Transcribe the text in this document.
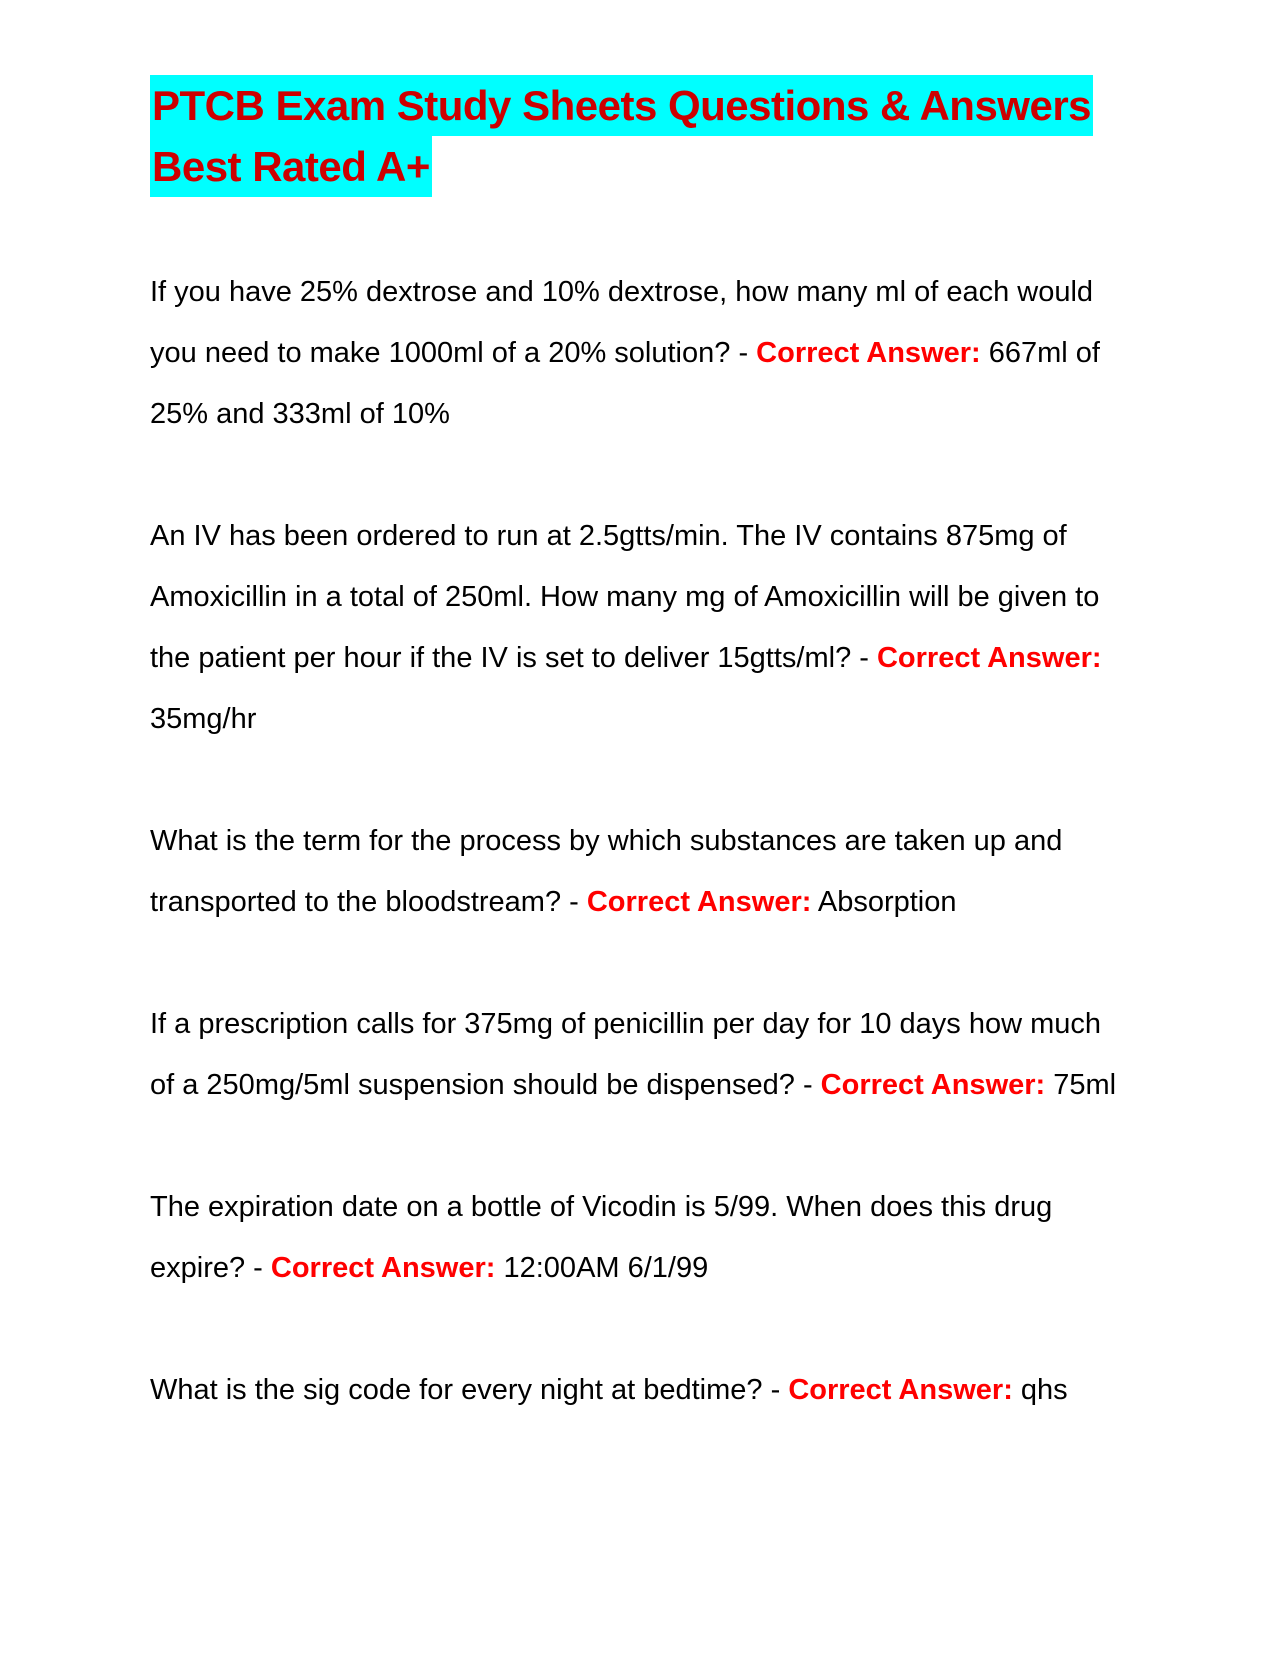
PTCB Exam Study Sheets Questions & Answers
Best Rated A+

If you have 25% dextrose and 10% dextrose, how many ml of each would you need to make 1000ml of a 20% solution? - Correct Answer: 667ml of 25% and 333ml of 10%

An IV has been ordered to run at 2.5gtts/min. The IV contains 875mg of Amoxicillin in a total of 250ml. How many mg of Amoxicillin will be given to the patient per hour if the IV is set to deliver 15gtts/ml? - Correct Answer: 35mg/hr

What is the term for the process by which substances are taken up and transported to the bloodstream? - Correct Answer: Absorption

If a prescription calls for 375mg of penicillin per day for 10 days how much of a 250mg/5ml suspension should be dispensed? - Correct Answer: 75ml

The expiration date on a bottle of Vicodin is 5/99. When does this drug expire? - Correct Answer: 12:00AM 6/1/99

What is the sig code for every night at bedtime? - Correct Answer: qhs
